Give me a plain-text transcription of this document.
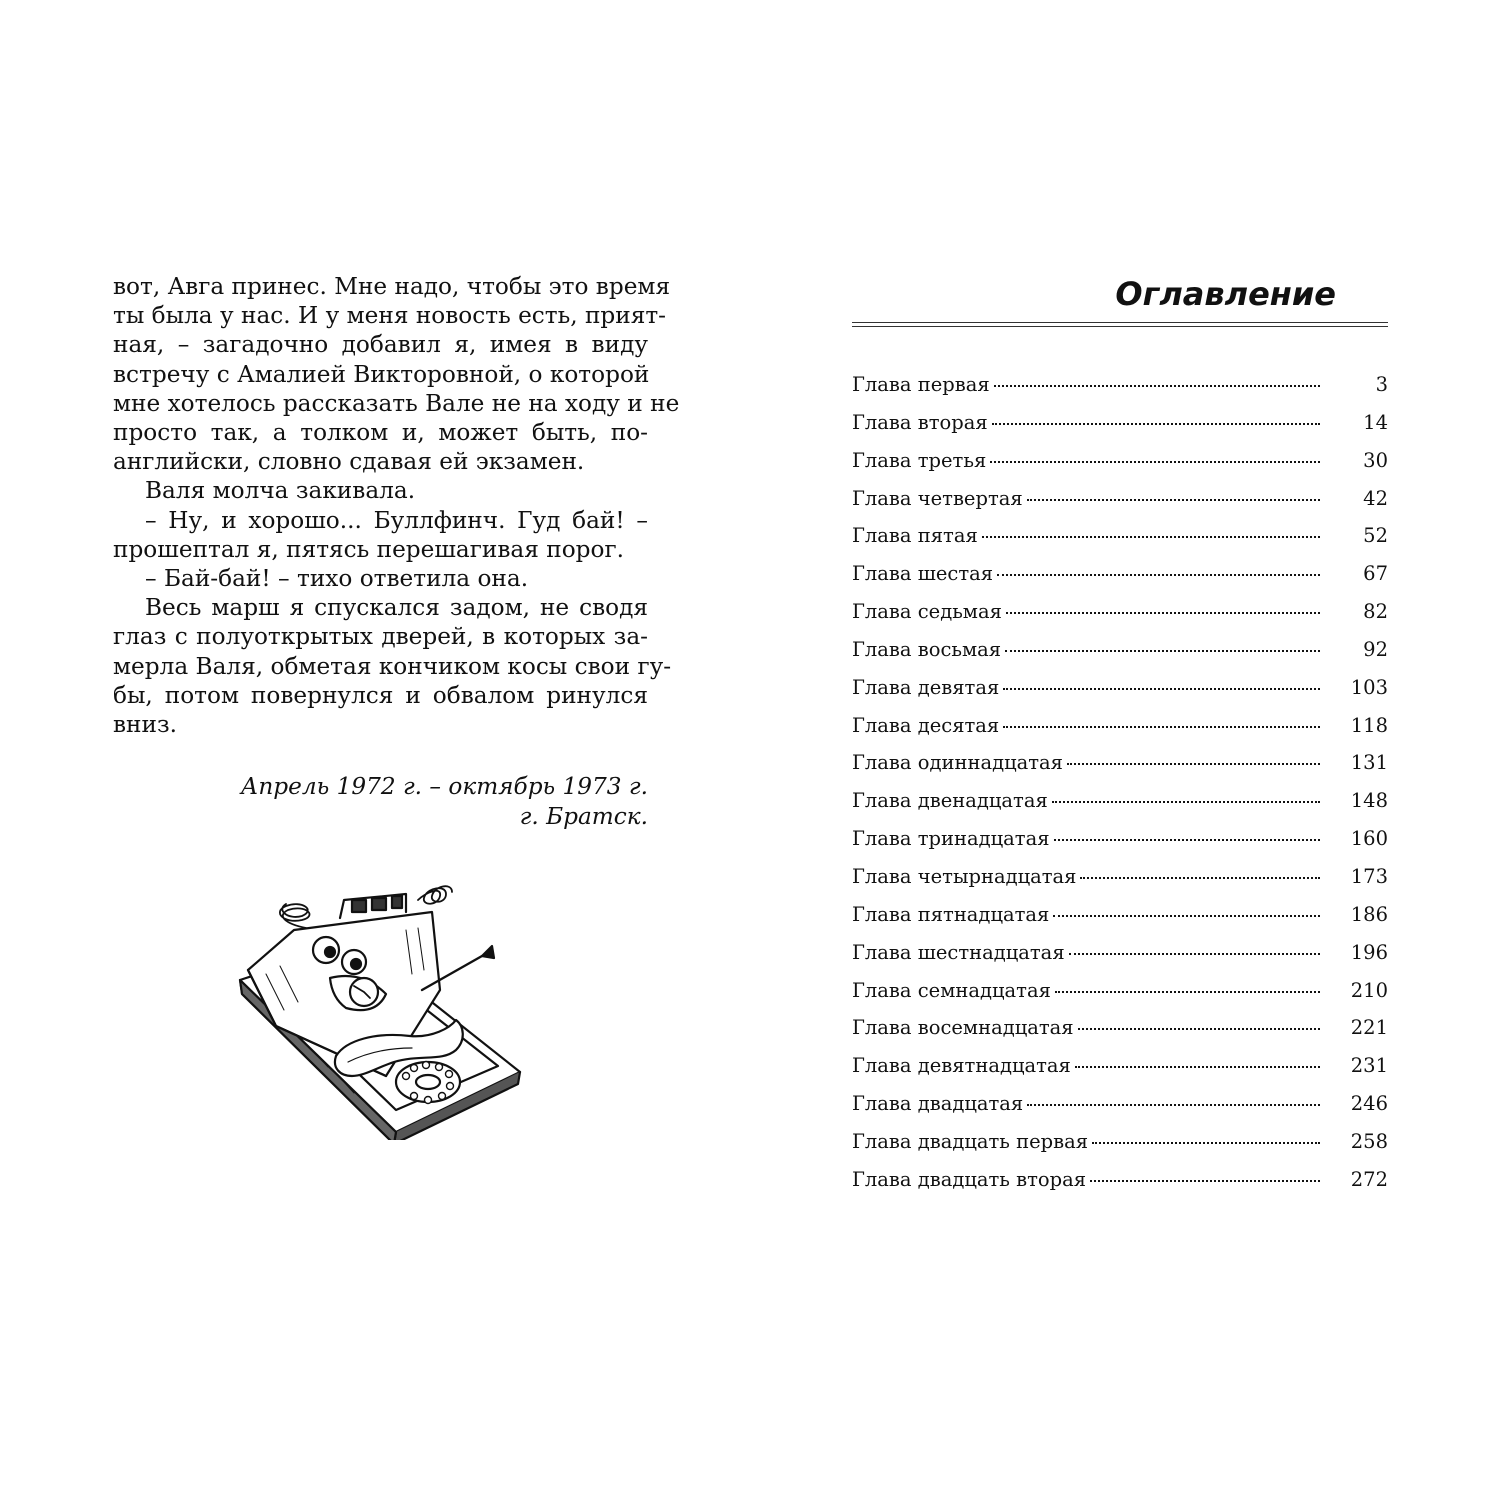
вот, Авга принес. Мне надо, чтобы это время
ты была у нас. И у меня новость есть, прият-
ная, – загадочно добавил я, имея в виду
встречу с Амалией Викторовной, о которой
мне хотелось рассказать Вале не на ходу и не
просто так, а толком и, может быть, по-
английски, словно сдавая ей экзамен.
Валя молча закивала.
– Ну, и хорошо... Буллфинч. Гуд бай! –
прошептал я, пятясь перешагивая порог.
– Бай-бай! – тихо ответила она.
Весь марш я спускался задом, не сводя
глаз с полуоткрытых дверей, в которых за-
мерла Валя, обметая кончиком косы свои гу-
бы, потом повернулся и обвалом ринулся
вниз.
Апрель 1972 г. – октябрь 1973 г.
г. Братск.
Оглавление
Глава первая	3
Глава вторая	14
Глава третья	30
Глава четвертая	42
Глава пятая	52
Глава шестая	67
Глава седьмая	82
Глава восьмая	92
Глава девятая	103
Глава десятая	118
Глава одиннадцатая	131
Глава двенадцатая	148
Глава тринадцатая	160
Глава четырнадцатая	173
Глава пятнадцатая	186
Глава шестнадцатая	196
Глава семнадцатая	210
Глава восемнадцатая	221
Глава девятнадцатая	231
Глава двадцатая	246
Глава двадцать первая	258
Глава двадцать вторая	272
